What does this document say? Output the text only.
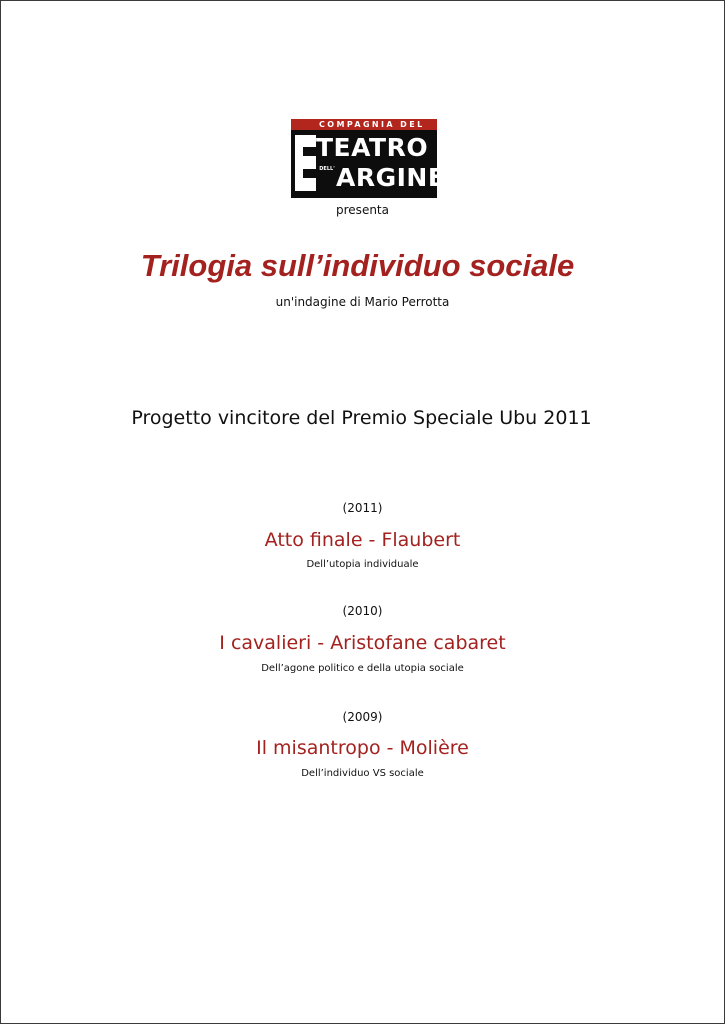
COMPAGNIA DEL
TEATRO
DELL' ARGINE
presenta
Trilogia sull’individuo sociale
un'indagine di Mario Perrotta
Progetto vincitore del Premio Speciale Ubu 2011
(2011)
Atto finale - Flaubert
Dell’utopia individuale
(2010)
I cavalieri - Aristofane cabaret
Dell’agone politico e della utopia sociale
(2009)
Il misantropo - Molière
Dell’individuo VS sociale
